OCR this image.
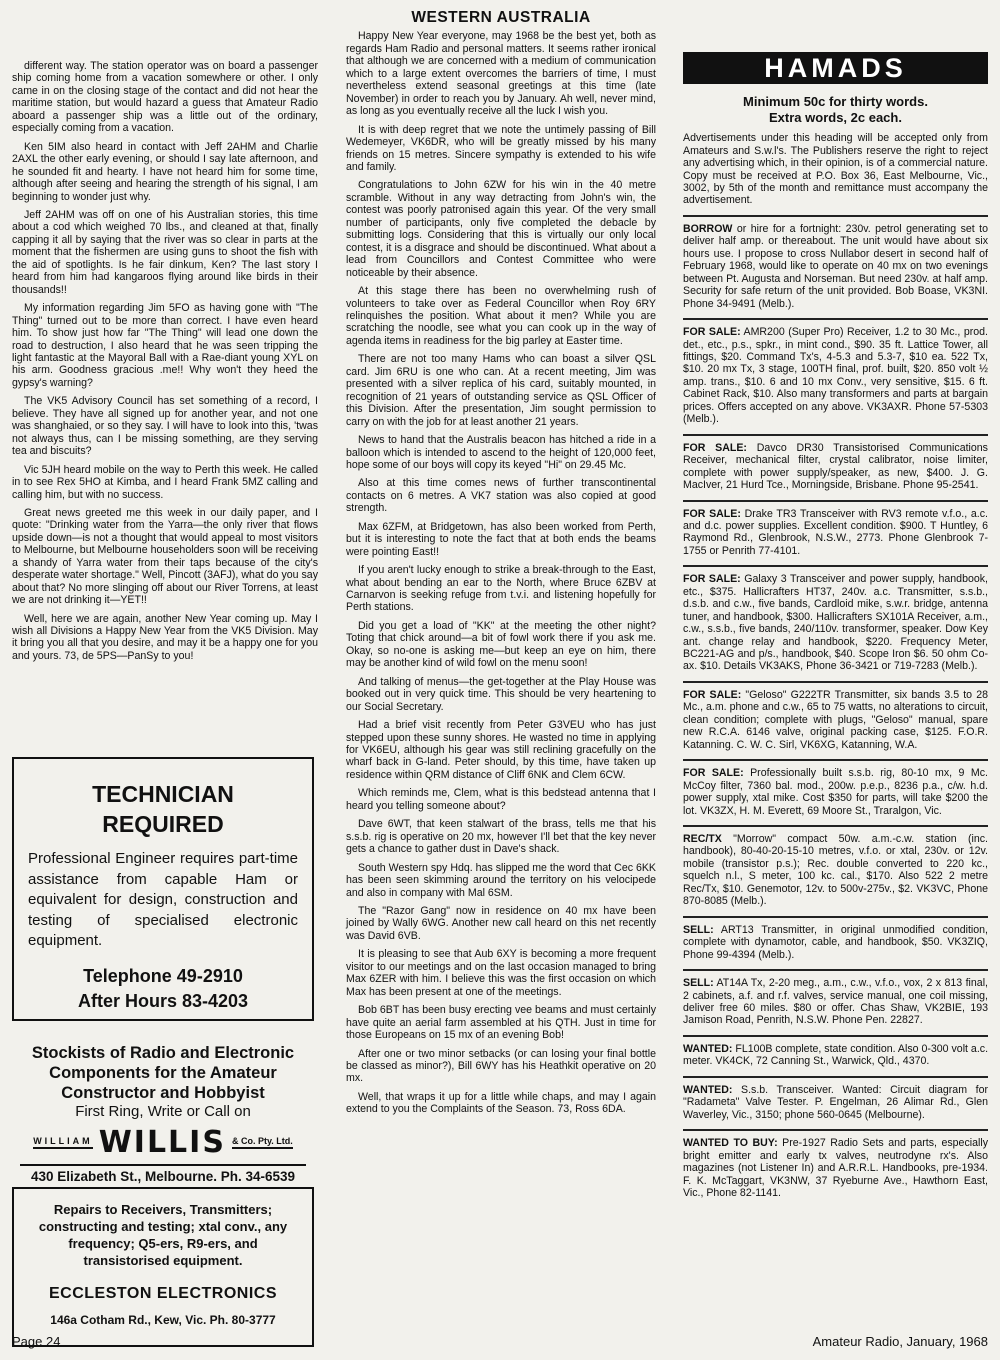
different way. The station operator was on board a passenger ship coming home from a vacation somewhere or other. I only came in on the closing stage of the contact and did not hear the maritime station, but would hazard a guess that Amateur Radio aboard a passenger ship was a little out of the ordinary, especially coming from a vacation.

Ken 5IM also heard in contact with Jeff 2AHM and Charlie 2AXL the other early evening, or should I say late afternoon, and he sounded fit and hearty. I have not heard him for some time, although after seeing and hearing the strength of his signal, I am beginning to wonder just why.

Jeff 2AHM was off on one of his Australian stories, this time about a cod which weighed 70 lbs., and cleaned at that, finally capping it all by saying that the river was so clear in parts at the moment that the fishermen are using guns to shoot the fish with the aid of spotlights. Is he fair dinkum, Ken? The last story I heard from him had kangaroos flying around like birds in their thousands!!

My information regarding Jim 5FO as having gone with "The Thing" turned out to be more than correct. I have even heard him. To show just how far "The Thing" will lead one down the road to destruction, I also heard that he was seen tripping the light fantastic at the Mayoral Ball with a Rae-diant young XYL on his arm. Goodness gracious .me!! Why won't they heed the gypsy's warning?

The VK5 Advisory Council has set something of a record, I believe. They have all signed up for another year, and not one was shanghaied, or so they say. I will have to look into this, 'twas not always thus, can I be missing something, are they serving tea and biscuits?

Vic 5JH heard mobile on the way to Perth this week. He called in to see Rex 5HO at Kimba, and I heard Frank 5MZ calling and calling him, but with no success.

Great news greeted me this week in our daily paper, and I quote: "Drinking water from the Yarra—the only river that flows upside down—is not a thought that would appeal to most visitors to Melbourne, but Melbourne householders soon will be receiving a shandy of Yarra water from their taps because of the city's desperate water shortage." Well, Pincott (3AFJ), what do you say about that? No more slinging off about our River Torrens, at least we are not drinking it—YET!!

Well, here we are again, another New Year coming up. May I wish all Divisions a Happy New Year from the VK5 Division. May it bring you all that you desire, and may it be a happy one for you and yours. 73, de 5PS—PanSy to you!

TECHNICIAN
REQUIRED
Professional Engineer requires part-time assistance from capable Ham or equivalent for design, construction and testing of specialised electronic equipment.
Telephone 49-2910
After Hours 83-4203
Stockists of Radio and Electronic
Components for the Amateur
Constructor and Hobbyist
First Ring, Write or Call on
WILLIAM WILLIS & Co. Pty. Ltd.
430 Elizabeth St., Melbourne. Ph. 34-6539
Repairs to Receivers, Transmitters; constructing and testing; xtal conv., any frequency; Q5-ers, R9-ers, and transistorised equipment.
ECCLESTON ELECTRONICS
146a Cotham Rd., Kew, Vic. Ph. 80-3777
WESTERN AUSTRALIA

Happy New Year everyone, may 1968 be the best yet, both as regards Ham Radio and personal matters. It seems rather ironical that although we are concerned with a medium of communication which to a large extent overcomes the barriers of time, I must nevertheless extend seasonal greetings at this time (late November) in order to reach you by January. Ah well, never mind, as long as you eventually receive all the luck I wish you.

It is with deep regret that we note the untimely passing of Bill Wedemeyer, VK6DR, who will be greatly missed by his many friends on 15 metres. Sincere sympathy is extended to his wife and family.

Congratulations to John 6ZW for his win in the 40 metre scramble. Without in any way detracting from John's win, the contest was poorly patronised again this year. Of the very small number of participants, only five completed the debacle by submitting logs. Considering that this is virtually our only local contest, it is a disgrace and should be discontinued. What about a lead from Councillors and Contest Committee who were noticeable by their absence.

At this stage there has been no overwhelming rush of volunteers to take over as Federal Councillor when Roy 6RY relinquishes the position. What about it men? While you are scratching the noodle, see what you can cook up in the way of agenda items in readiness for the big parley at Easter time.

There are not too many Hams who can boast a silver QSL card. Jim 6RU is one who can. At a recent meeting, Jim was presented with a silver replica of his card, suitably mounted, in recognition of 21 years of outstanding service as QSL Officer of this Division. After the presentation, Jim sought permission to carry on with the job for at least another 21 years.

News to hand that the Australis beacon has hitched a ride in a balloon which is intended to ascend to the height of 120,000 feet, hope some of our boys will copy its keyed "Hi" on 29.45 Mc.

Also at this time comes news of further transcontinental contacts on 6 metres. A VK7 station was also copied at good strength.

Max 6ZFM, at Bridgetown, has also been worked from Perth, but it is interesting to note the fact that at both ends the beams were pointing East!!

If you aren't lucky enough to strike a break-through to the East, what about bending an ear to the North, where Bruce 6ZBV at Carnarvon is seeking refuge from t.v.i. and listening hopefully for Perth stations.

Did you get a load of "KK" at the meeting the other night? Toting that chick around—a bit of fowl work there if you ask me. Okay, so no-one is asking me—but keep an eye on him, there may be another kind of wild fowl on the menu soon!

And talking of menus—the get-together at the Play House was booked out in very quick time. This should be very heartening to our Social Secretary.

Had a brief visit recently from Peter G3VEU who has just stepped upon these sunny shores. He wasted no time in applying for VK6EU, although his gear was still reclining gracefully on the wharf back in G-land. Peter should, by this time, have taken up residence within QRM distance of Cliff 6NK and Clem 6CW.

Which reminds me, Clem, what is this bedstead antenna that I heard you telling someone about?

Dave 6WT, that keen stalwart of the brass, tells me that his s.s.b. rig is operative on 20 mx, however I'll bet that the key never gets a chance to gather dust in Dave's shack.

South Western spy Hdq. has slipped me the word that Cec 6KK has been seen skimming around the territory on his velocipede and also in company with Mal 6SM.

The "Razor Gang" now in residence on 40 mx have been joined by Wally 6WG. Another new call heard on this net recently was David 6VB.

It is pleasing to see that Aub 6XY is becoming a more frequent visitor to our meetings and on the last occasion managed to bring Max 6ZER with him. I believe this was the first occasion on which Max has been present at one of the meetings.

Bob 6BT has been busy erecting vee beams and must certainly have quite an aerial farm assembled at his QTH. Just in time for those Europeans on 15 mx of an evening Bob!

After one or two minor setbacks (or can losing your final bottle be classed as minor?), Bill 6WY has his Heathkit operative on 20 mx.

Well, that wraps it up for a little while chaps, and may I again extend to you the Complaints of the Season. 73, Ross 6DA.

HAMADS
Minimum 50c for thirty words.
Extra words, 2c each.
Advertisements under this heading will be accepted only from Amateurs and S.w.l's. The Publishers reserve the right to reject any advertising which, in their opinion, is of a commercial nature. Copy must be received at P.O. Box 36, East Melbourne, Vic., 3002, by 5th of the month and remittance must accompany the advertisement.
BORROW or hire for a fortnight: 230v. petrol generating set to deliver half amp. or thereabout. The unit would have about six hours use. I propose to cross Nullabor desert in second half of February 1968, would like to operate on 40 mx on two evenings between Pt. Augusta and Norseman. But need 230v. at half amp. Security for safe return of the unit provided. Bob Boase, VK3NI. Phone 34-9491 (Melb.).
FOR SALE: AMR200 (Super Pro) Receiver, 1.2 to 30 Mc., prod. det., etc., p.s., spkr., in mint cond., $90. 35 ft. Lattice Tower, all fittings, $20. Command Tx's, 4-5.3 and 5.3-7, $10 ea. 522 Tx, $10. 20 mx Tx, 3 stage, 100TH final, prof. built, $20. 850 volt ½ amp. trans., $10. 6 and 10 mx Conv., very sensitive, $15. 6 ft. Cabinet Rack, $10. Also many transformers and parts at bargain prices. Offers accepted on any above. VK3AXR. Phone 57-5303 (Melb.).
FOR SALE: Davco DR30 Transistorised Communications Receiver, mechanical filter, crystal calibrator, noise limiter, complete with power supply/speaker, as new, $400. J. G. MacIver, 21 Hurd Tce., Morningside, Brisbane. Phone 95-2541.
FOR SALE: Drake TR3 Transceiver with RV3 remote v.f.o., a.c. and d.c. power supplies. Excellent condition. $900. T Huntley, 6 Raymond Rd., Glenbrook, N.S.W., 2773. Phone Glenbrook 7-1755 or Penrith 77-4101.
FOR SALE: Galaxy 3 Transceiver and power supply, handbook, etc., $375. Hallicrafters HT37, 240v. a.c. Transmitter, s.s.b., d.s.b. and c.w., five bands, Cardloid mike, s.w.r. bridge, antenna tuner, and handbook, $300. Hallicrafters SX101A Receiver, a.m., c.w., s.s.b., five bands, 240/110v. transformer, speaker. Dow Key ant. change relay and handbook, $220. Frequency Meter, BC221-AG and p/s., handbook, $40. Scope Iron $6. 50 ohm Co-ax. $10. Details VK3AKS, Phone 36-3421 or 719-7283 (Melb.).
FOR SALE: "Geloso" G222TR Transmitter, six bands 3.5 to 28 Mc., a.m. phone and c.w., 65 to 75 watts, no alterations to circuit, clean condition; complete with plugs, "Geloso" manual, spare new R.C.A. 6146 valve, original packing case, $125. F.O.R. Katanning. C. W. C. Sirl, VK6XG, Katanning, W.A.
FOR SALE: Professionally built s.s.b. rig, 80-10 mx, 9 Mc. McCoy filter, 7360 bal. mod., 200w. p.e.p., 8236 p.a., c/w. h.d. power supply, xtal mike. Cost $350 for parts, will take $200 the lot. VK3ZX, H. M. Everett, 69 Moore St., Traralgon, Vic.
REC/TX "Morrow" compact 50w. a.m.-c.w. station (inc. handbook), 80-40-20-15-10 metres, v.f.o. or xtal, 230v. or 12v. mobile (transistor p.s.); Rec. double converted to 220 kc., squelch n.l., S meter, 100 kc. cal., $170. Also 522 2 metre Rec/Tx, $10. Genemotor, 12v. to 500v-275v., $2. VK3VC, Phone 870-8085 (Melb.).
SELL: ART13 Transmitter, in original unmodified condition, complete with dynamotor, cable, and handbook, $50. VK3ZIQ, Phone 99-4394 (Melb.).
SELL: AT14A Tx, 2-20 meg., a.m., c.w., v.f.o., vox, 2 x 813 final, 2 cabinets, a.f. and r.f. valves, service manual, one coil missing, deliver free 60 miles. $80 or offer. Chas Shaw, VK2BIE, 193 Jamison Road, Penrith, N.S.W. Phone Pen. 22827.
WANTED: FL100B complete, state condition. Also 0-300 volt a.c. meter. VK4CK, 72 Canning St., Warwick, Qld., 4370.
WANTED: S.s.b. Transceiver. Wanted: Circuit diagram for "Radameta" Valve Tester. P. Engelman, 26 Alimar Rd., Glen Waverley, Vic., 3150; phone 560-0645 (Melbourne).
WANTED TO BUY: Pre-1927 Radio Sets and parts, especially bright emitter and early tx valves, neutrodyne rx's. Also magazines (not Listener In) and A.R.R.L. Handbooks, pre-1934. F. K. McTaggart, VK3NW, 37 Ryeburne Ave., Hawthorn East, Vic., Phone 82-1141.
Page 24	Amateur Radio, January, 1968
